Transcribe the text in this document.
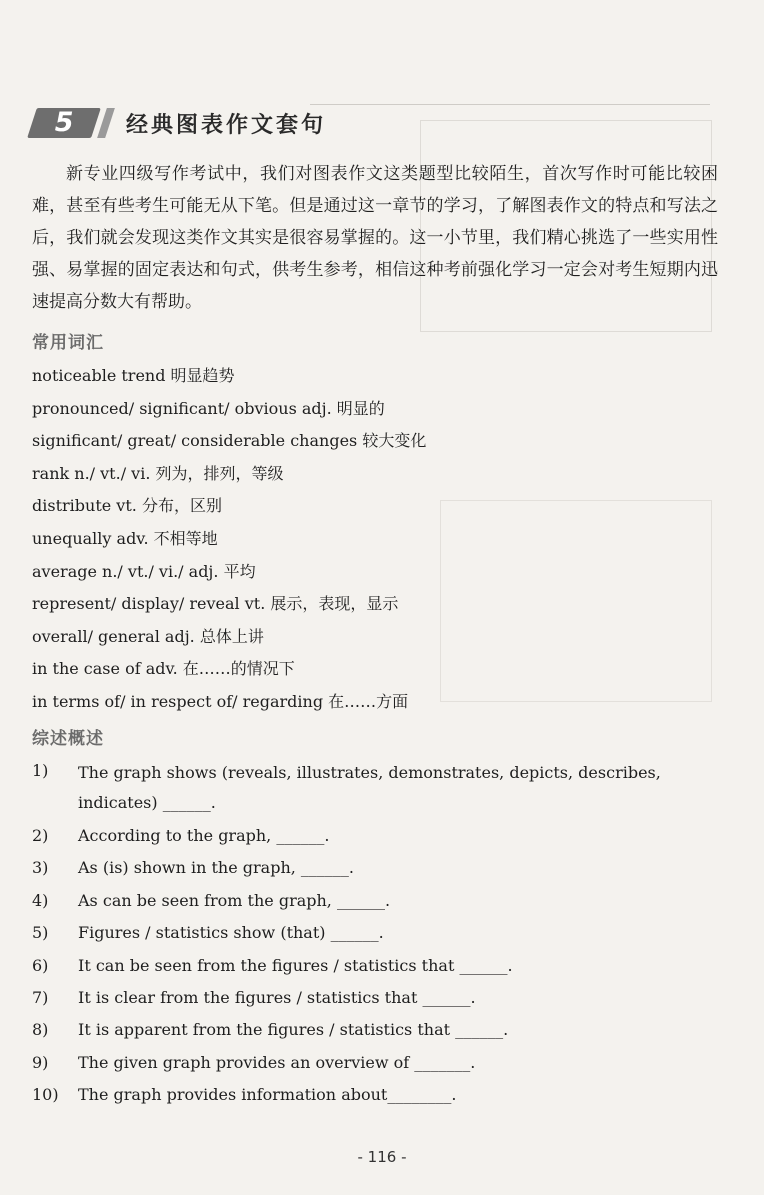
5	经典图表作文套句

新专业四级写作考试中，我们对图表作文这类题型比较陌生，首次写作时可能比较困难，甚至有些考生可能无从下笔。但是通过这一章节的学习，了解图表作文的特点和写法之后，我们就会发现这类作文其实是很容易掌握的。这一小节里，我们精心挑选了一些实用性强、易掌握的固定表达和句式，供考生参考，相信这种考前强化学习一定会对考生短期内迅速提高分数大有帮助。

常用词汇
noticeable trend 明显趋势
pronounced/ significant/ obvious adj. 明显的
significant/ great/ considerable changes 较大变化
rank n./ vt./ vi. 列为，排列，等级
distribute vt. 分布，区别
unequally adv. 不相等地
average n./ vt./ vi./ adj. 平均
represent/ display/ reveal vt. 展示，表现，显示
overall/ general adj. 总体上讲
in the case of adv. 在……的情况下
in terms of/ in respect of/ regarding 在……方面
综述概述
1) The graph shows (reveals, illustrates, demonstrates, depicts, describes, indicates) ______.
2) According to the graph, ______.
3) As (is) shown in the graph, ______.
4) As can be seen from the graph, ______.
5) Figures / statistics show (that) ______.
6) It can be seen from the figures / statistics that ______.
7) It is clear from the figures / statistics that ______.
8) It is apparent from the figures / statistics that ______.
9) The given graph provides an overview of _______.
10) The graph provides information about________.
- 116 -
